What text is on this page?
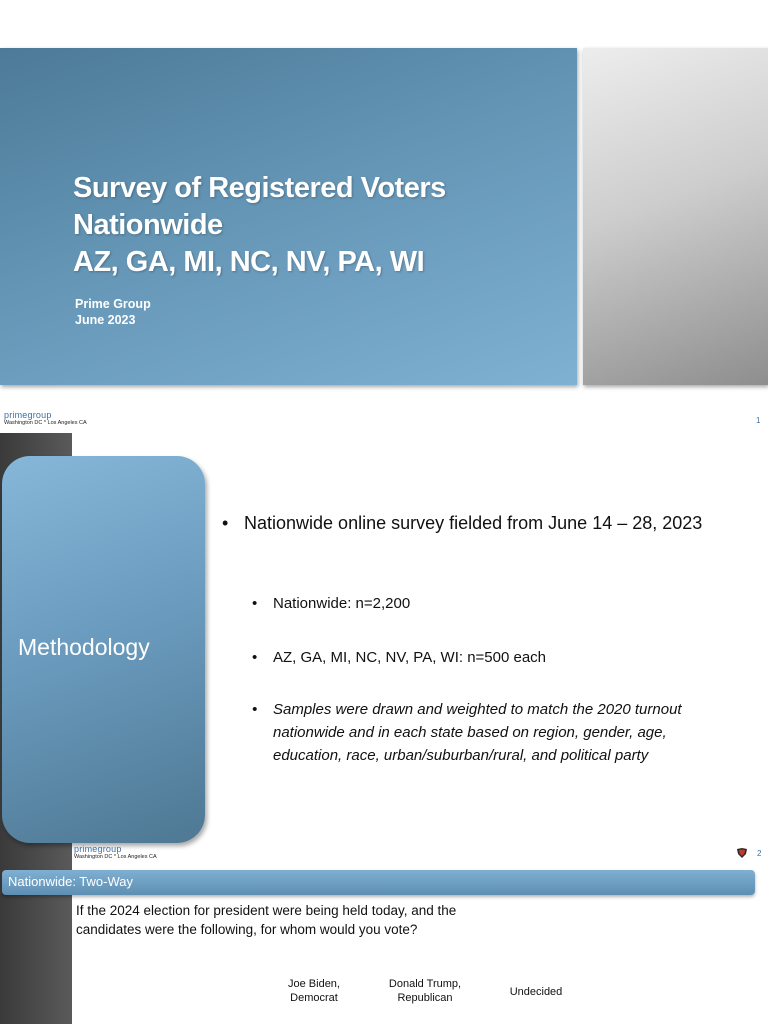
Survey of Registered Voters
Nationwide
AZ, GA, MI, NC, NV, PA, WI
Prime Group
June 2023
primegroup
Washington DC * Los Angeles CA	1
Methodology
• Nationwide online survey fielded from June 14 – 28, 2023
• Nationwide: n=2,200
• AZ, GA, MI, NC, NV, PA, WI: n=500 each
• Samples were drawn and weighted to match the 2020 turnout nationwide and in each state based on region, gender, age, education, race, urban/suburban/rural, and political party
primegroup
Washington DC * Los Angeles CA	2
Nationwide: Two-Way
If the 2024 election for president were being held today, and the candidates were the following, for whom would you vote?
Joe Biden,
Democrat
Donald Trump,
Republican	Undecided
